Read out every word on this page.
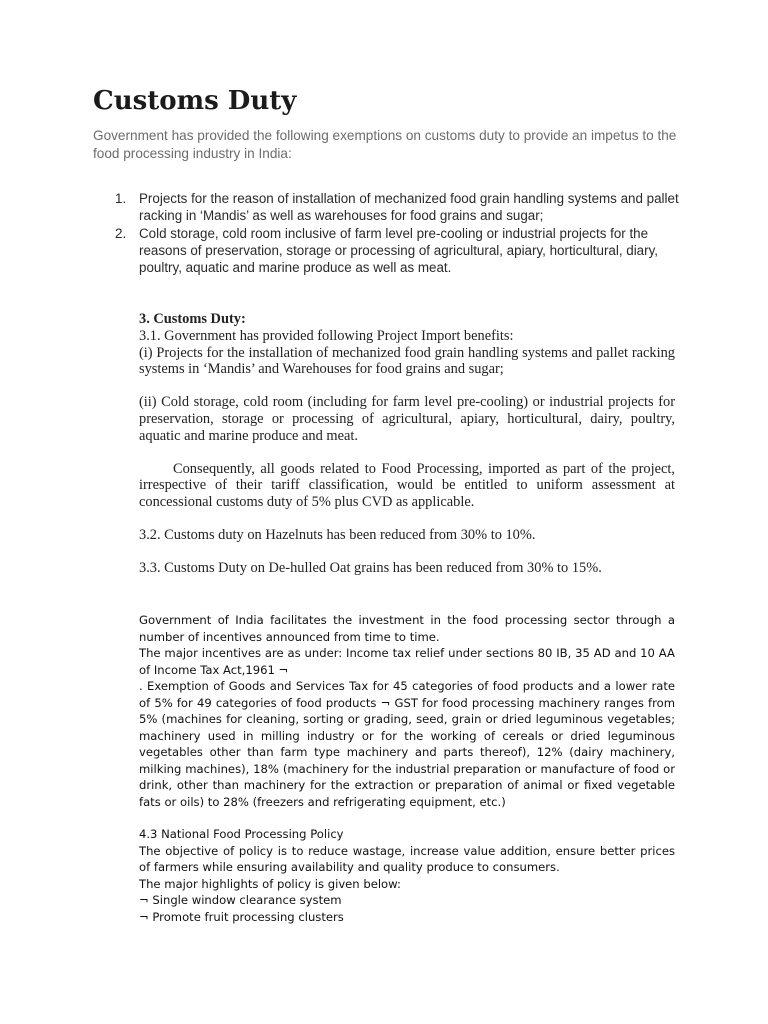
Customs Duty

Government has provided the following exemptions on customs duty to provide an impetus to the food processing industry in India:

1. Projects for the reason of installation of mechanized food grain handling systems and pallet racking in ‘Mandis’ as well as warehouses for food grains and sugar;
2. Cold storage, cold room inclusive of farm level pre-cooling or industrial projects for the reasons of preservation, storage or processing of agricultural, apiary, horticultural, diary, poultry, aquatic and marine produce as well as meat.

3. Customs Duty:

3.1. Government has provided following Project Import benefits:

(i) Projects for the installation of mechanized food grain handling systems and pallet racking systems in ‘Mandis’ and Warehouses for food grains and sugar;

(ii) Cold storage, cold room (including for farm level pre-cooling) or industrial projects for preservation, storage or processing of agricultural, apiary, horticultural, dairy, poultry, aquatic and marine produce and meat.

Consequently, all goods related to Food Processing, imported as part of the project, irrespective of their tariff classification, would be entitled to uniform assessment at concessional customs duty of 5% plus CVD as applicable.

3.2. Customs duty on Hazelnuts has been reduced from 30% to 10%.

3.3. Customs Duty on De-hulled Oat grains has been reduced from 30% to 15%.

Government of India facilitates the investment in the food processing sector through a number of incentives announced from time to time.

The major incentives are as under: Income tax relief under sections 80 IB, 35 AD and 10 AA of Income Tax Act,1961 ¬

. Exemption of Goods and Services Tax for 45 categories of food products and a lower rate of 5% for 49 categories of food products ¬ GST for food processing machinery ranges from 5% (machines for cleaning, sorting or grading, seed, grain or dried leguminous vegetables; machinery used in milling industry or for the working of cereals or dried leguminous vegetables other than farm type machinery and parts thereof), 12% (dairy machinery, milking machines), 18% (machinery for the industrial preparation or manufacture of food or drink, other than machinery for the extraction or preparation of animal or fixed vegetable fats or oils) to 28% (freezers and refrigerating equipment, etc.)

4.3 National Food Processing Policy

The objective of policy is to reduce wastage, increase value addition, ensure better prices of farmers while ensuring availability and quality produce to consumers.

The major highlights of policy is given below:

¬ Single window clearance system

¬ Promote fruit processing clusters
